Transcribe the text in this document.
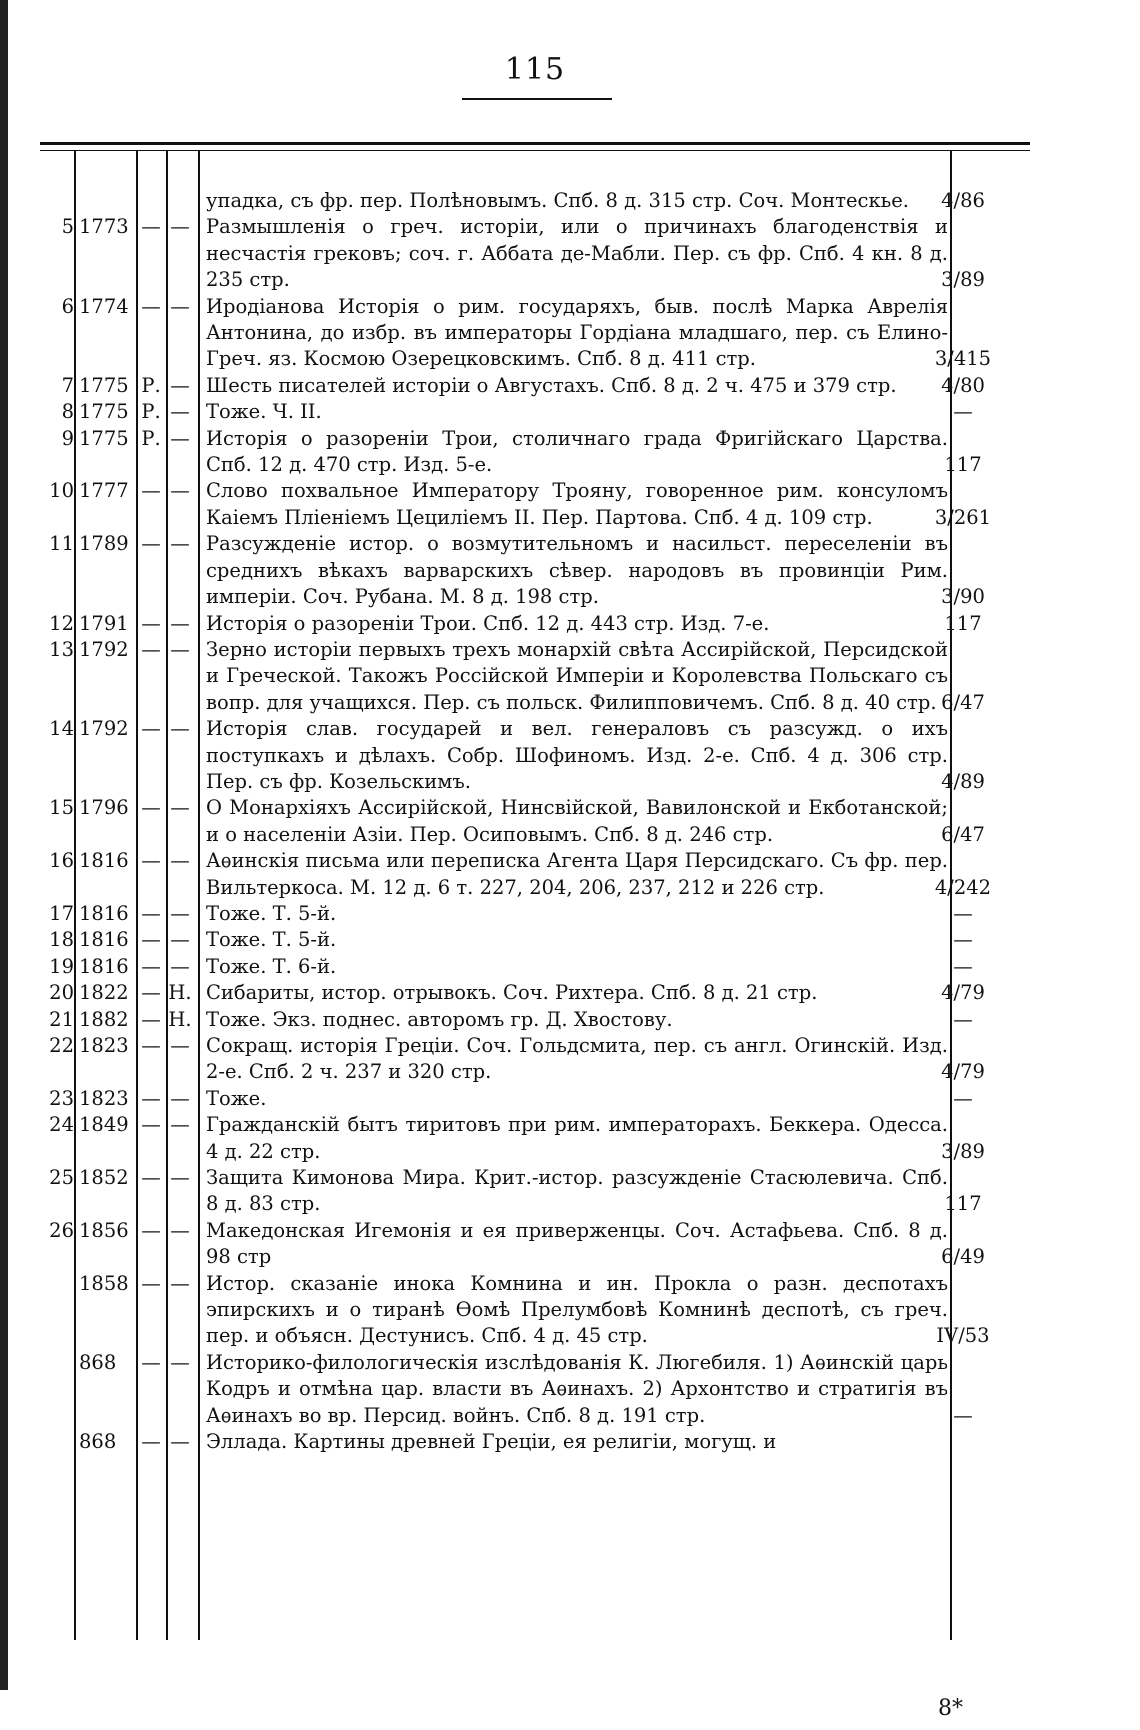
115
упадка, съ фр. пер. Полѣновымъ. Спб. 8 д. 315 стр. Соч. Монтескье.	4/86
5 1773 — — Размышленія о греч. исторіи, или о причинахъ благоденствія и несчастія грековъ; соч. г. Аббата де-Мабли. Пер. съ фр. Спб. 4 кн. 8 д. 235 стр.	3/89
6 1774 — — Иродіанова Исторія о рим. государяхъ, быв. послѣ Марка Аврелія Антонина, до избр. въ императоры Гордіана младшаго, пер. съ Елино-Греч. яз. Космою Озерецковскимъ. Спб. 8 д. 411 стр.	3/415
7 1775 Р. — Шесть писателей исторіи о Августахъ. Спб. 8 д. 2 ч. 475 и 379 стр.	4/80
8 1775 Р. — Тоже. Ч. II.	—
9 1775 Р. — Исторія о разореніи Трои, столичнаго града Фригійскаго Царства. Спб. 12 д. 470 стр. Изд. 5-е.	117
10 1777 — — Слово похвальное Императору Трояну, говоренное рим. консуломъ Каіемъ Пліеніемъ Цециліемъ II. Пер. Партова. Спб. 4 д. 109 стр.	3/261
11 1789 — — Разсужденіе истор. о возмутительномъ и насильст. переселеніи въ среднихъ вѣкахъ варварскихъ сѣвер. народовъ въ провинціи Рим. имперіи. Соч. Рубана. М. 8 д. 198 стр.	3/90
12 1791 — — Исторія о разореніи Трои. Спб. 12 д. 443 стр. Изд. 7-е.	117
13 1792 — — Зерно исторіи первыхъ трехъ монархій свѣта Ассирійской, Персидской и Греческой. Такожъ Россійской Имперіи и Королевства Польскаго съ вопр. для учащихся. Пер. съ польск. Филипповичемъ. Спб. 8 д. 40 стр. 6/47
14 1792 — — Исторія слав. государей и вел. генераловъ съ разсужд. о ихъ поступкахъ и дѣлахъ. Собр. Шофиномъ. Изд. 2-е. Спб. 4 д. 306 стр. Пер. съ фр. Козельскимъ.	4/89
15 1796 — — О Монархіяхъ Ассирійской, Нинсвійской, Вавилонской и Екботанской; и о населеніи Азіи. Пер. Осиповымъ. Спб. 8 д. 246 стр.	6/47
16 1816 — — Аѳинскія письма или переписка Агента Царя Персидскаго. Съ фр. пер. Вильтеркоса. М. 12 д. 6 т. 227, 204, 206, 237, 212 и 226 стр.	4/242
17 1816 — — Тоже. Т. 5-й.	—
18 1816 — — Тоже. Т. 5-й.	—
19 1816 — — Тоже. Т. 6-й.	—
20 1822 — Н. Сибариты, истор. отрывокъ. Соч. Рихтера. Спб. 8 д. 21 стр.	4/79
21 1882 — Н. Тоже. Экз. поднес. авторомъ гр. Д. Хвостову.	—
22 1823 — — Сокращ. исторія Греціи. Соч. Гольдсмита, пер. съ англ. Огинскій. Изд. 2-е. Спб. 2 ч. 237 и 320 стр.	4/79
23 1823 — — Тоже.	—
24 1849 — — Гражданскій бытъ тиритовъ при рим. императорахъ. Беккера. Одесса. 4 д. 22 стр.	3/89
25 1852 — — Защита Кимонова Мира. Крит.-истор. разсужденіе Стасюлевича. Спб. 8 д. 83 стр.	117
26 1856 — — Македонская Игемонія и ея приверженцы. Соч. Астафьева. Спб. 8 д. 98 стр	6/49
1858 — — Истор. сказаніе инока Комнина и ин. Прокла о разн. деспотахъ эпирскихъ и о тиранѣ Ѳомѣ Прелумбовѣ Комнинѣ деспотѣ, съ греч. пер. и объясн. Дестунисъ. Спб. 4 д. 45 стр.	IV/53
868	— — Историко-филологическія изслѣдованія К. Люгебиля. 1) Аѳинскій царь Кодръ и отмѣна цар. власти въ Аѳинахъ. 2) Архонтство и стратигія въ Аѳинахъ во вр. Персид. войнъ. Спб. 8 д. 191 стр.	—
868	— — Эллада. Картины древней Греціи, ея религіи, могущ. и
8*
